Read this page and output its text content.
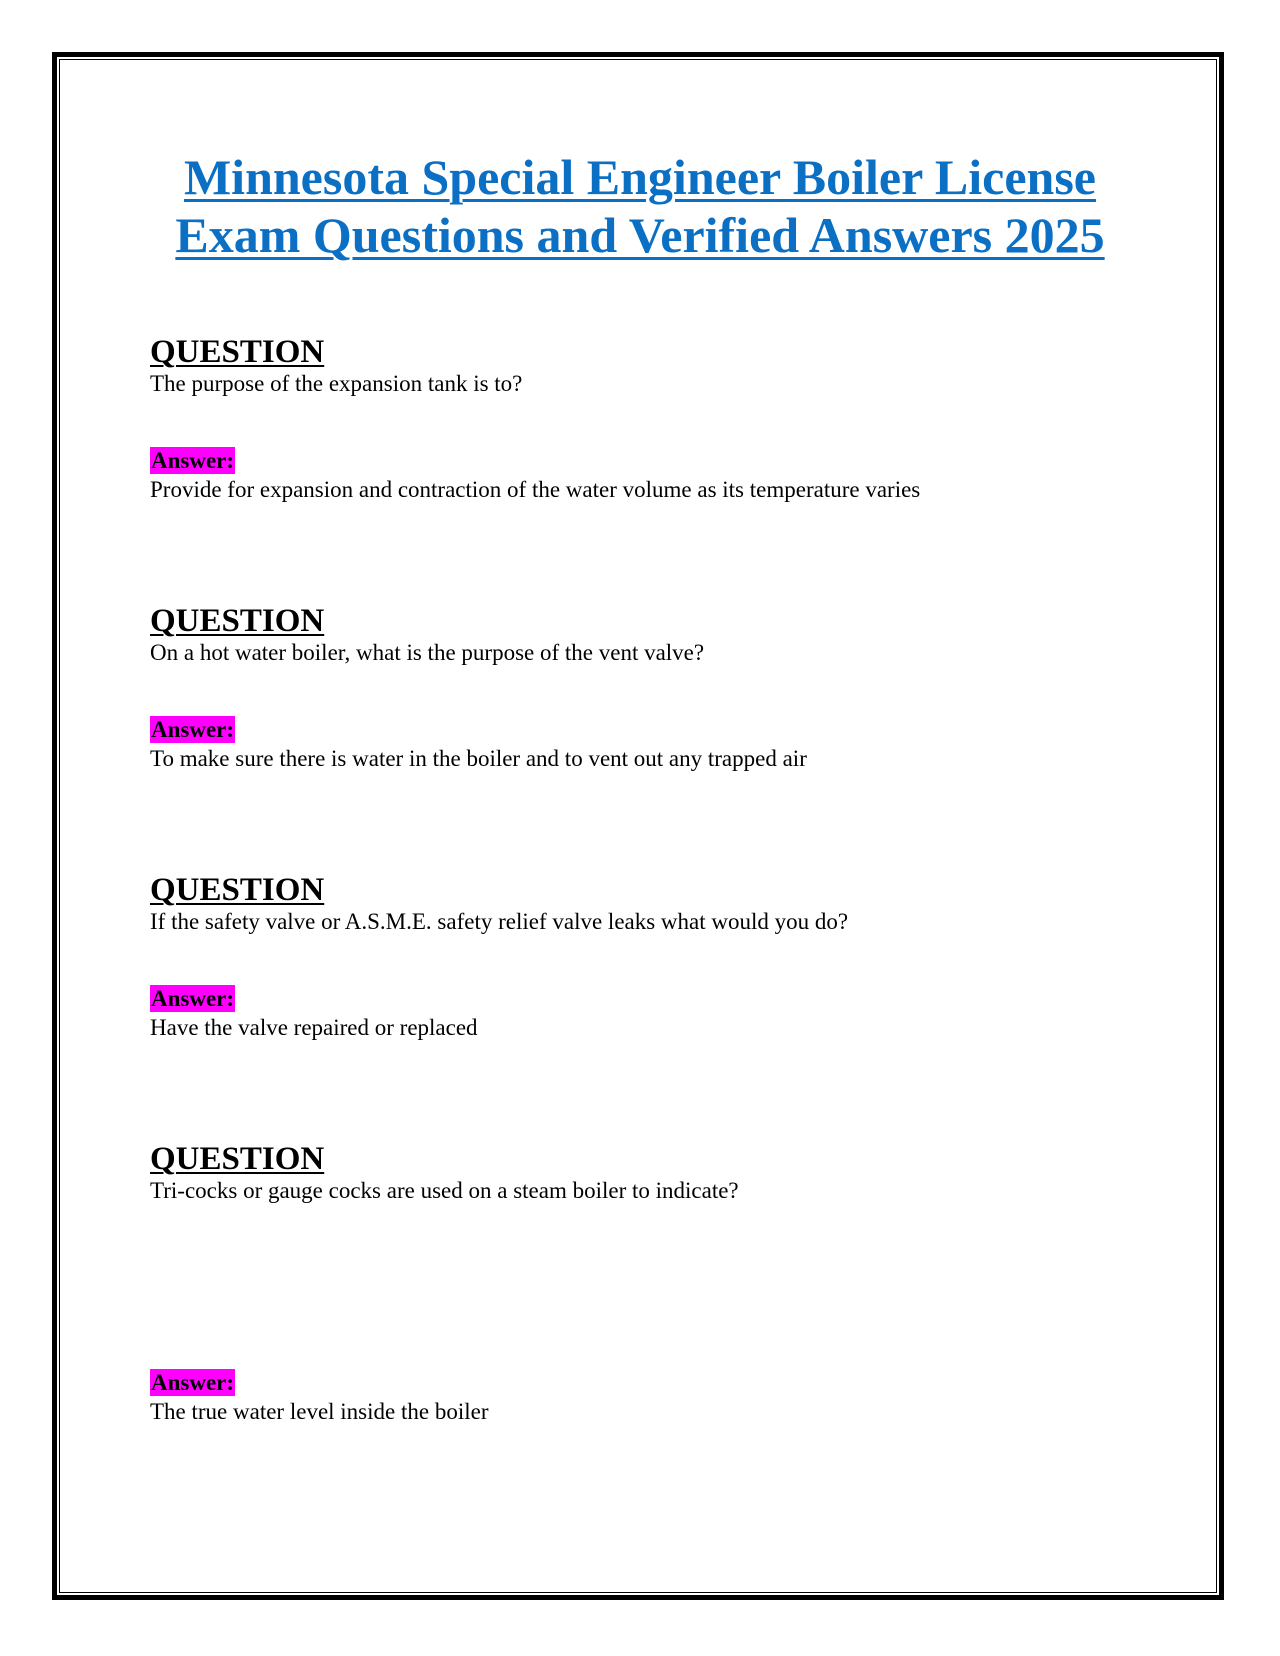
Minnesota Special Engineer Boiler License
Exam Questions and Verified Answers 2025
QUESTION
The purpose of the expansion tank is to?
Answer:
Provide for expansion and contraction of the water volume as its temperature varies
QUESTION
On a hot water boiler, what is the purpose of the vent valve?
Answer:
To make sure there is water in the boiler and to vent out any trapped air
QUESTION
If the safety valve or A.S.M.E. safety relief valve leaks what would you do?
Answer:
Have the valve repaired or replaced
QUESTION
Tri-cocks or gauge cocks are used on a steam boiler to indicate?
Answer:
The true water level inside the boiler
